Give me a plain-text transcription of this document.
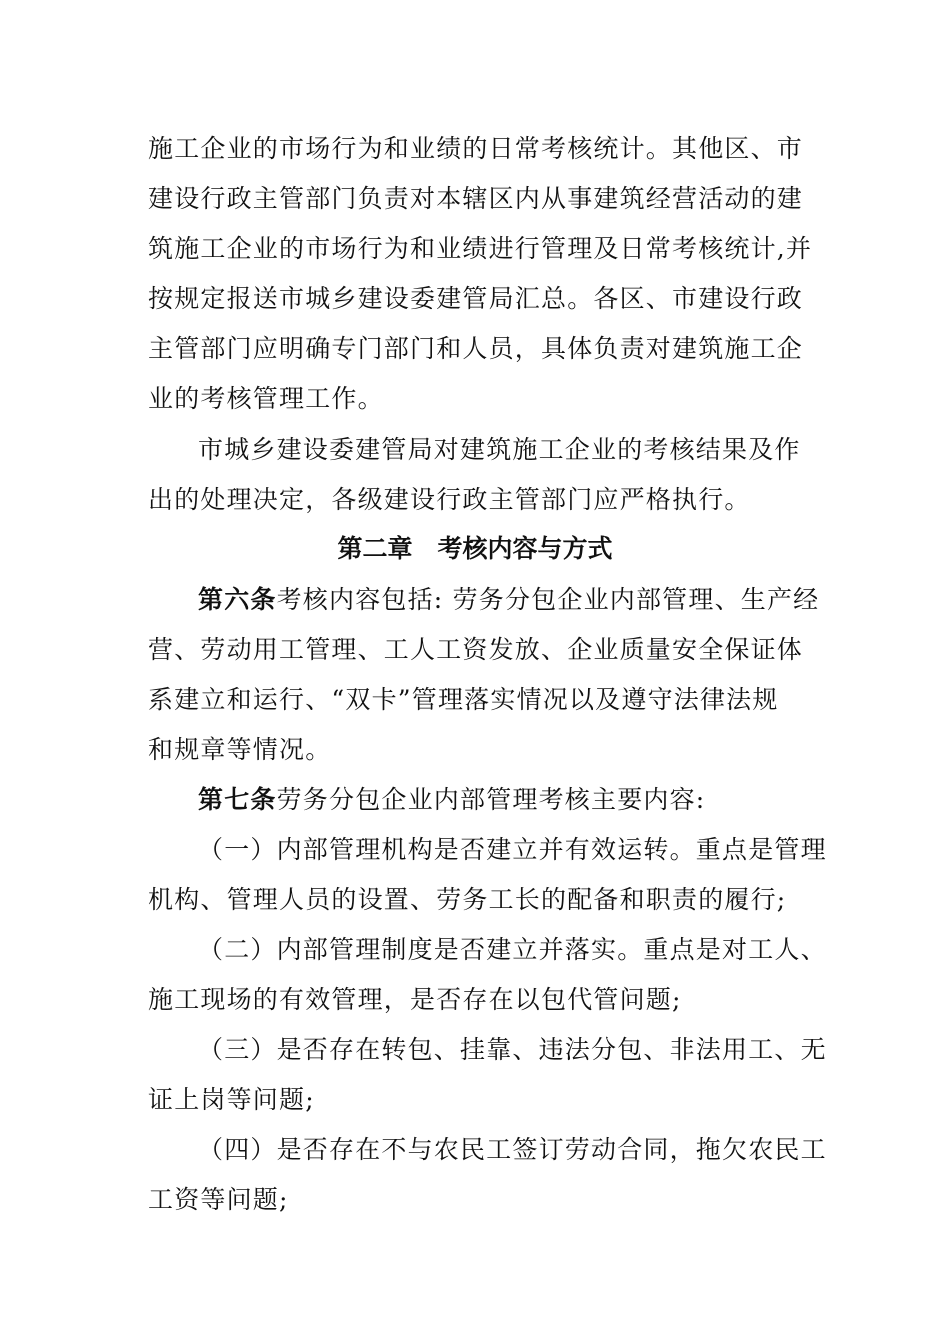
施工企业的市场行为和业绩的日常考核统计。其他区、市
建设行政主管部门负责对本辖区内从事建筑经营活动的建
筑施工企业的市场行为和业绩进行管理及日常考核统计,并
按规定报送市城乡建设委建管局汇总。各区、市建设行政
主管部门应明确专门部门和人员，具体负责对建筑施工企
业的考核管理工作。
市城乡建设委建管局对建筑施工企业的考核结果及作
出的处理决定，各级建设行政主管部门应严格执行。
第二章　考核内容与方式
第六条考核内容包括: 劳务分包企业内部管理、生产经
营、劳动用工管理、工人工资发放、企业质量安全保证体
系建立和运行、“双卡”管理落实情况以及遵守法律法规
和规章等情况。
第七条劳务分包企业内部管理考核主要内容:
（一）内部管理机构是否建立并有效运转。重点是管理
机构、管理人员的设置、劳务工长的配备和职责的履行;
（二）内部管理制度是否建立并落实。重点是对工人、
施工现场的有效管理，是否存在以包代管问题;
（三）是否存在转包、挂靠、违法分包、非法用工、无
证上岗等问题;
（四）是否存在不与农民工签订劳动合同，拖欠农民工
工资等问题;
